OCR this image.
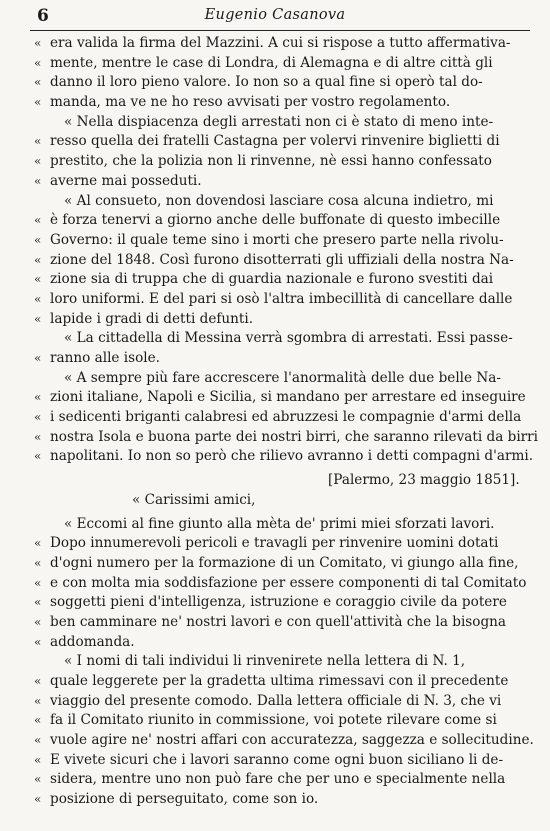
6	Eugenio Casanova
« era valida la firma del Mazzini. A cui si rispose a tutto affermativa-
« mente, mentre le case di Londra, di Alemagna e di altre città gli
« danno il loro pieno valore. Io non so a qual fine si operò tal do-
« manda, ma ve ne ho reso avvisati per vostro regolamento.
« Nella dispiacenza degli arrestati non ci è stato di meno inte-
« resso quella dei fratelli Castagna per volervi rinvenire biglietti di
« prestito, che la polizia non li rinvenne, nè essi hanno confessato
« averne mai posseduti.
« Al consueto, non dovendosi lasciare cosa alcuna indietro, mi
« è forza tenervi a giorno anche delle buffonate di questo imbecille
« Governo: il quale teme sino i morti che presero parte nella rivolu-
« zione del 1848. Così furono disotterrati gli uffiziali della nostra Na-
« zione sia di truppa che di guardia nazionale e furono svestiti dai
« loro uniformi. E del pari si osò l'altra imbecillità di cancellare dalle
« lapide i gradi di detti defunti.
« La cittadella di Messina verrà sgombra di arrestati. Essi passe-
« ranno alle isole.
« A sempre più fare accrescere l'anormalità delle due belle Na-
« zioni italiane, Napoli e Sicilia, si mandano per arrestare ed inseguire
« i sedicenti briganti calabresi ed abruzzesi le compagnie d'armi della
« nostra Isola e buona parte dei nostri birri, che saranno rilevati da birri
« napolitani. Io non so però che rilievo avranno i detti compagni d'armi.
[Palermo, 23 maggio 1851].
« Carissimi amici,
« Eccomi al fine giunto alla mèta de' primi miei sforzati lavori.
« Dopo innumerevoli pericoli e travagli per rinvenire uomini dotati
« d'ogni numero per la formazione di un Comitato, vi giungo alla fine,
« e con molta mia soddisfazione per essere componenti di tal Comitato
« soggetti pieni d'intelligenza, istruzione e coraggio civile da potere
« ben camminare ne' nostri lavori e con quell'attività che la bisogna
« addomanda.
« I nomi di tali individui li rinvenirete nella lettera di N. 1,
« quale leggerete per la gradetta ultima rimessavi con il precedente
« viaggio del presente comodo. Dalla lettera officiale di N. 3, che vi
« fa il Comitato riunito in commissione, voi potete rilevare come si
« vuole agire ne' nostri affari con accuratezza, saggezza e sollecitudine.
« E vivete sicuri che i lavori saranno come ogni buon siciliano li de-
« sidera, mentre uno non può fare che per uno e specialmente nella
« posizione di perseguitato, come son io.
